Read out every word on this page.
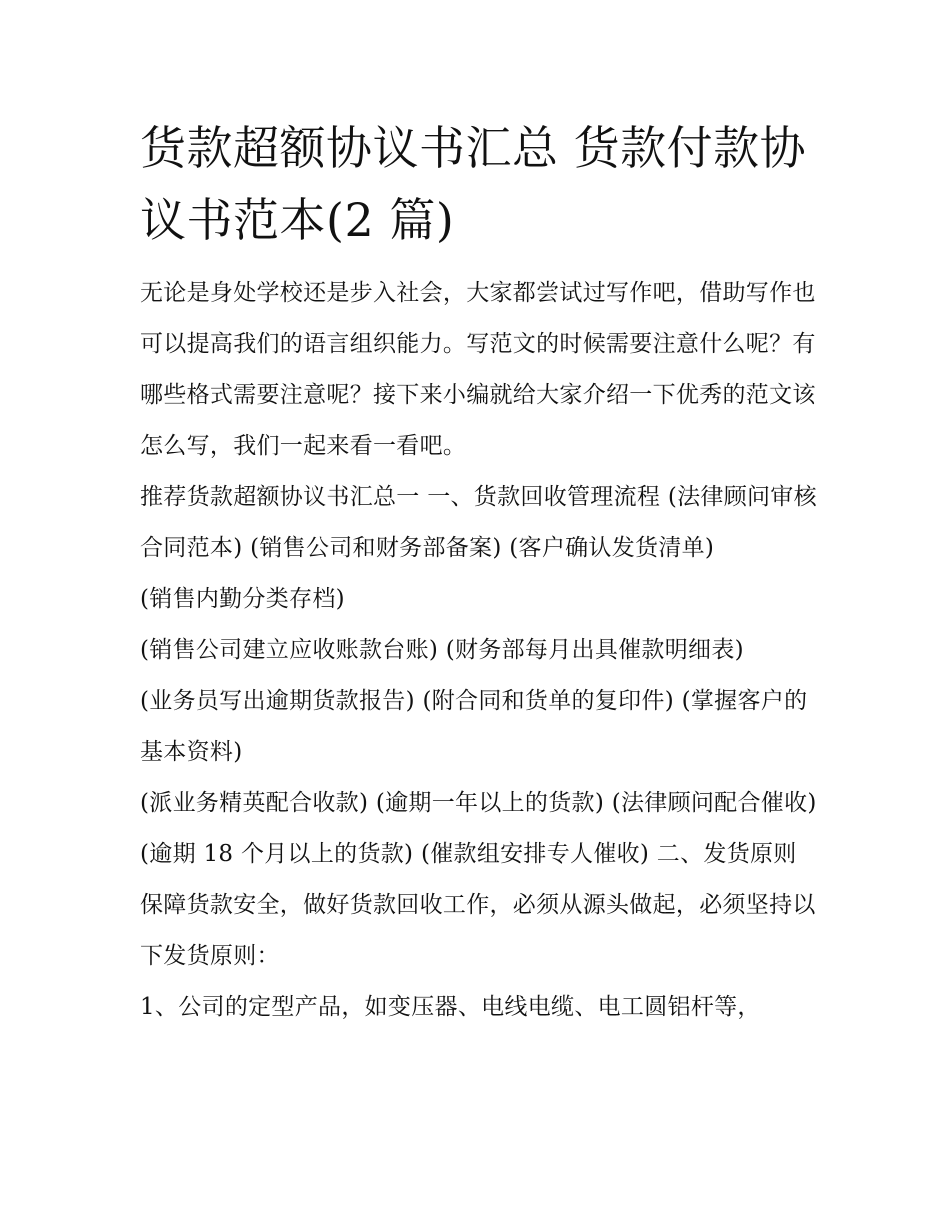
货款超额协议书汇总 货款付款协议书范本(2 篇)

无论是身处学校还是步入社会，大家都尝试过写作吧，借助写作也可以提高我们的语言组织能力。写范文的时候需要注意什么呢？有哪些格式需要注意呢？接下来小编就给大家介绍一下优秀的范文该怎么写，我们一起来看一看吧。

推荐货款超额协议书汇总一 一、货款回收管理流程 (法律顾问审核合同范本) (销售公司和财务部备案) (客户确认发货清单)

(销售内勤分类存档)

(销售公司建立应收账款台账) (财务部每月出具催款明细表)

(业务员写出逾期货款报告) (附合同和货单的复印件) (掌握客户的基本资料)

(派业务精英配合收款) (逾期一年以上的货款) (法律顾问配合催收) (逾期 18 个月以上的货款) (催款组安排专人催收) 二、发货原则

保障货款安全，做好货款回收工作，必须从源头做起，必须坚持以下发货原则：

1、公司的定型产品，如变压器、电线电缆、电工圆铝杆等，
